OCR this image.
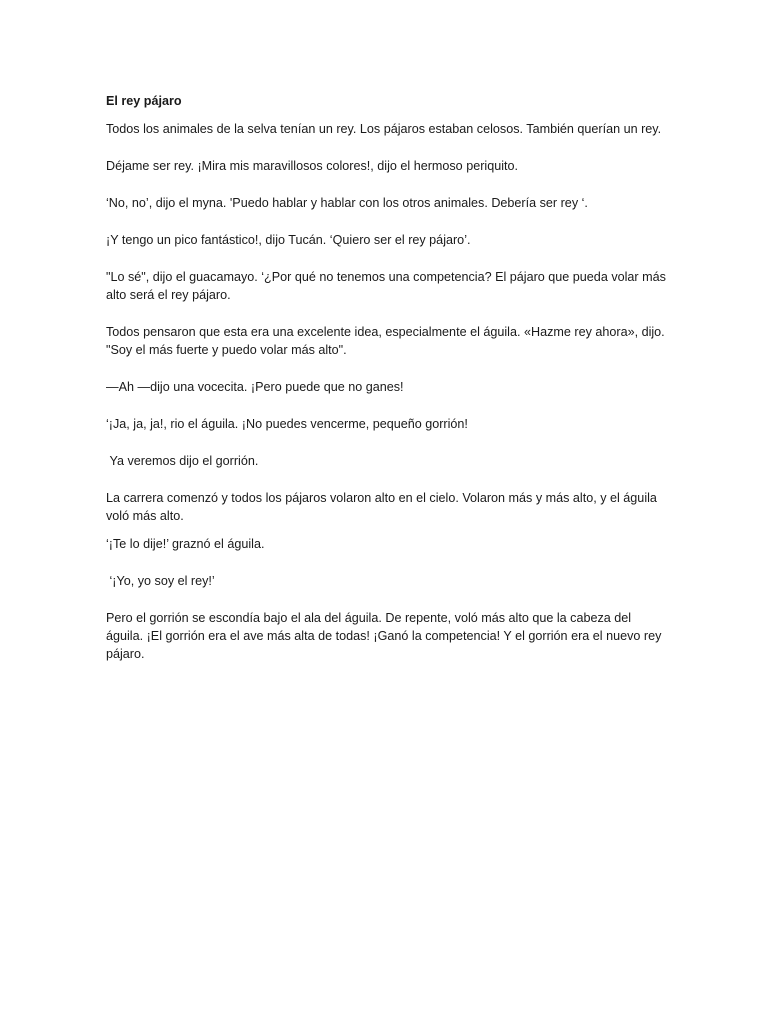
El rey pájaro
Todos los animales de la selva tenían un rey. Los pájaros estaban celosos. También querían un rey.
Déjame ser rey. ¡Mira mis maravillosos colores!, dijo el hermoso periquito.
‘No, no’, dijo el myna. 'Puedo hablar y hablar con los otros animales. Debería ser rey ‘.
¡Y tengo un pico fantástico!, dijo Tucán. ‘Quiero ser el rey pájaro’.
"Lo sé", dijo el guacamayo. ‘¿Por qué no tenemos una competencia? El pájaro que pueda volar más alto será el rey pájaro.
Todos pensaron que esta era una excelente idea, especialmente el águila. «Hazme rey ahora», dijo. "Soy el más fuerte y puedo volar más alto".
—Ah —dijo una vocecita. ¡Pero puede que no ganes!
‘¡Ja, ja, ja!, rio el águila. ¡No puedes vencerme, pequeño gorrión!
Ya veremos dijo el gorrión.
La carrera comenzó y todos los pájaros volaron alto en el cielo. Volaron más y más alto, y el águila voló más alto.
‘¡Te lo dije!’ graznó el águila.
‘¡Yo, yo soy el rey!’
Pero el gorrión se escondía bajo el ala del águila. De repente, voló más alto que la cabeza del águila. ¡El gorrión era el ave más alta de todas! ¡Ganó la competencia! Y el gorrión era el nuevo rey pájaro.
